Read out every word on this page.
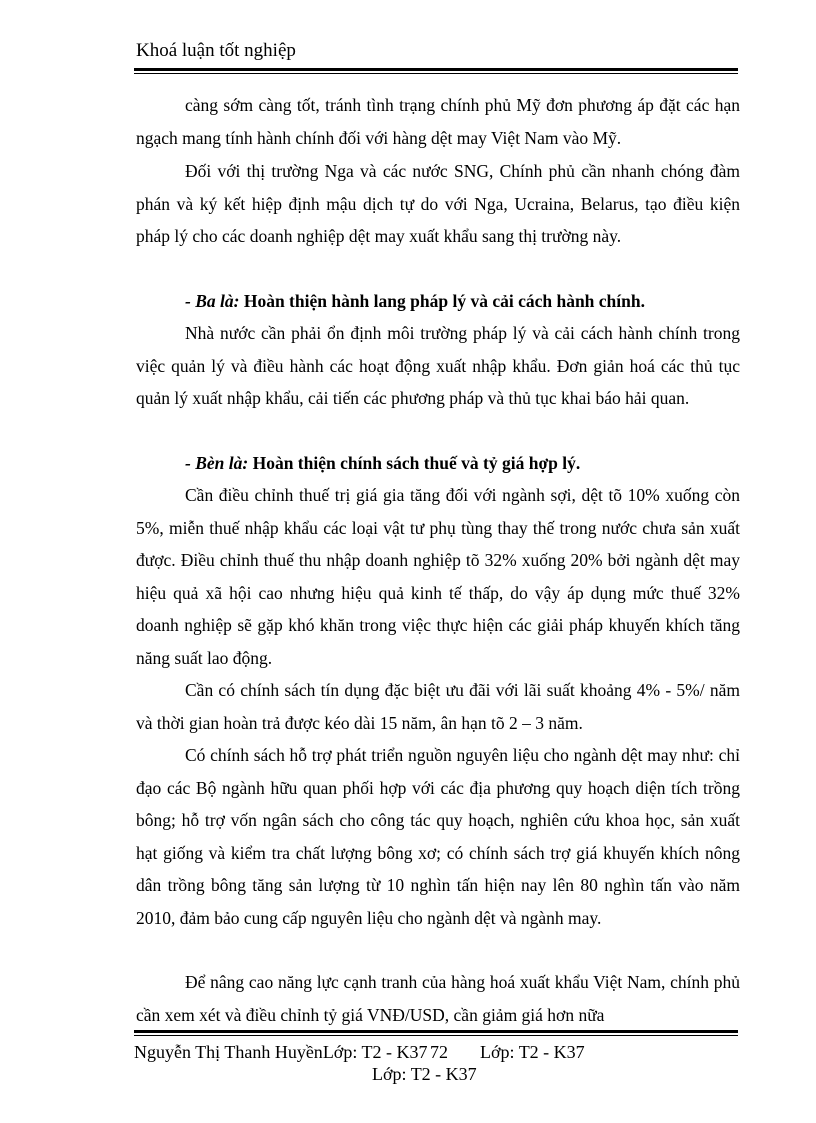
Khoá luận tốt nghiệp

càng sớm càng tốt, tránh tình trạng chính phủ Mỹ đơn phương áp đặt các hạn ngạch mang tính hành chính đối với hàng dệt may Việt Nam vào Mỹ.

Đối với thị trường Nga và các nước SNG, Chính phủ cần nhanh chóng đàm phán và ký kết hiệp định mậu dịch tự do với Nga, Ucraina, Belarus, tạo điều kiện pháp lý cho các doanh nghiệp dệt may xuất khẩu sang thị trường này.

- Ba là: Hoàn thiện hành lang pháp lý và cải cách hành chính.

Nhà nước cần phải ổn định môi trường pháp lý và cải cách hành chính trong việc quản lý và điều hành các hoạt động xuất nhập khẩu. Đơn giản hoá các thủ tục quản lý xuất nhập khẩu, cải tiến các phương pháp và thủ tục khai báo hải quan.

- Bèn là: Hoàn thiện chính sách thuế và tỷ giá hợp lý.

Cần điều chỉnh thuế trị giá gia tăng đối với ngành sợi, dệt tõ 10% xuống còn 5%, miễn thuế nhập khẩu các loại vật tư phụ tùng thay thế trong nước chưa sản xuất được. Điều chỉnh thuế thu nhập doanh nghiệp tõ 32% xuống 20% bởi ngành dệt may hiệu quả xã hội cao nhưng hiệu quả kinh tế thấp, do vậy áp dụng mức thuế 32% doanh nghiệp sẽ gặp khó khăn trong việc thực hiện các giải pháp khuyến khích tăng năng suất lao động.

Cần có chính sách tín dụng đặc biệt ưu đãi với lãi suất khoảng 4% - 5%/ năm và thời gian hoàn trả được kéo dài 15 năm, ân hạn tõ 2 – 3 năm.

Có chính sách hỗ trợ phát triển nguồn nguyên liệu cho ngành dệt may như: chỉ đạo các Bộ ngành hữu quan phối hợp với các địa phương quy hoạch diện tích trồng bông; hỗ trợ vốn ngân sách cho công tác quy hoạch, nghiên cứu khoa học, sản xuất hạt giống và kiểm tra chất lượng bông xơ; có chính sách trợ giá khuyến khích nông dân trồng bông tăng sản lượng từ 10 nghìn tấn hiện nay lên 80 nghìn tấn vào năm 2010, đảm bảo cung cấp nguyên liệu cho ngành dệt và ngành may.

Để nâng cao năng lực cạnh tranh của hàng hoá xuất khẩu Việt Nam, chính phủ cần xem xét và điều chỉnh tỷ giá VNĐ/USD, cần giảm giá hơn nữa

Nguyễn Thị Thanh HuyềnLớp: T2 - K37 72 Lớp: T2 - K37
Lớp: T2 - K37
